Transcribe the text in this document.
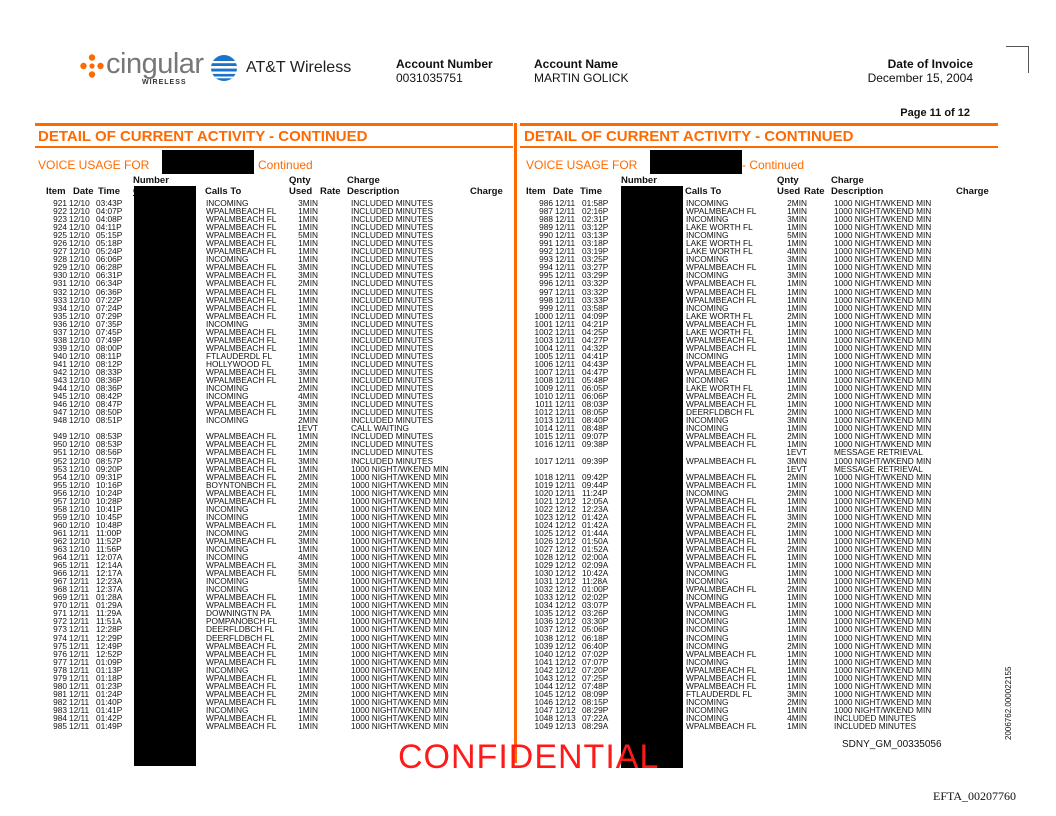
cingular
WIRELESS
AT&T Wireless	Account Number
0031035751
Account Name
MARTIN GOLICK
Date of Invoice
December 15, 2004
Page 11 of 12
DETAIL OF CURRENT ACTIVITY - CONTINUED	DETAIL OF CURRENT ACTIVITY - CONTINUED
VOICE USAGE FOR	Continued	VOICE USAGE FOR	- Continued
Number	Qnty	Charge
Item Date Time	Calls To	Used Rate Description	Charge
Number	Qnty	Charge
Item Date Time	Calls To	Used Rate Description	Charge
921 12/10 03:43P	INCOMING	3MIN	INCLUDED MINUTES
922 12/10 04:07P	WPALMBEACH FL	1MIN	INCLUDED MINUTES
923 12/10 04:08P	WPALMBEACH FL	1MIN	INCLUDED MINUTES
924 12/10 04:11P	WPALMBEACH FL	1MIN	INCLUDED MINUTES
925 12/10 05:15P	WPALMBEACH FL	5MIN	INCLUDED MINUTES
926 12/10 05:18P	WPALMBEACH FL	1MIN	INCLUDED MINUTES
927 12/10 05:24P	WPALMBEACH FL	1MIN	INCLUDED MINUTES
928 12/10 06:06P	INCOMING	1MIN	INCLUDED MINUTES
929 12/10 06:28P	WPALMBEACH FL	3MIN	INCLUDED MINUTES
930 12/10 06:31P	WPALMBEACH FL	3MIN	INCLUDED MINUTES
931 12/10 06:34P	WPALMBEACH FL	2MIN	INCLUDED MINUTES
932 12/10 06:36P	WPALMBEACH FL	1MIN	INCLUDED MINUTES
933 12/10 07:22P	WPALMBEACH FL	1MIN	INCLUDED MINUTES
934 12/10 07:24P	WPALMBEACH FL	1MIN	INCLUDED MINUTES
935 12/10 07:29P	WPALMBEACH FL	1MIN	INCLUDED MINUTES
936 12/10 07:35P	INCOMING	3MIN	INCLUDED MINUTES
937 12/10 07:45P	WPALMBEACH FL	1MIN	INCLUDED MINUTES
938 12/10 07:49P	WPALMBEACH FL	1MIN	INCLUDED MINUTES
939 12/10 08:00P	WPALMBEACH FL	1MIN	INCLUDED MINUTES
940 12/10 08:11P	FTLAUDERDL FL	1MIN	INCLUDED MINUTES
941 12/10 08:12P	HOLLYWOOD FL	1MIN	INCLUDED MINUTES
942 12/10 08:33P	WPALMBEACH FL	3MIN	INCLUDED MINUTES
943 12/10 08:36P	WPALMBEACH FL	1MIN	INCLUDED MINUTES
944 12/10 08:36P	INCOMING	2MIN	INCLUDED MINUTES
945 12/10 08:42P	INCOMING	4MIN	INCLUDED MINUTES
946 12/10 08:47P	WPALMBEACH FL	3MIN	INCLUDED MINUTES
947 12/10 08:50P	WPALMBEACH FL	1MIN	INCLUDED MINUTES
948 12/10 08:51P	INCOMING	2MIN	INCLUDED MINUTES
1EVT	CALL WAITING
949 12/10 08:53P	WPALMBEACH FL	1MIN	INCLUDED MINUTES
950 12/10 08:53P	WPALMBEACH FL	2MIN	INCLUDED MINUTES
951 12/10 08:56P	WPALMBEACH FL	1MIN	INCLUDED MINUTES
952 12/10 08:57P	WPALMBEACH FL	3MIN	INCLUDED MINUTES
953 12/10 09:20P	WPALMBEACH FL	1MIN	1000 NIGHT/WKEND MIN
954 12/10 09:31P	WPALMBEACH FL	2MIN	1000 NIGHT/WKEND MIN
955 12/10 10:16P	BOYNTONBCH FL	2MIN	1000 NIGHT/WKEND MIN
956 12/10 10:24P	WPALMBEACH FL	1MIN	1000 NIGHT/WKEND MIN
957 12/10 10:28P	WPALMBEACH FL	1MIN	1000 NIGHT/WKEND MIN
958 12/10 10:41P	INCOMING	2MIN	1000 NIGHT/WKEND MIN
959 12/10 10:45P	INCOMING	1MIN	1000 NIGHT/WKEND MIN
960 12/10 10:48P	WPALMBEACH FL	1MIN	1000 NIGHT/WKEND MIN
961 12/11 11:00P	INCOMING	2MIN	1000 NIGHT/WKEND MIN
962 12/10 11:52P	WPALMBEACH FL	3MIN	1000 NIGHT/WKEND MIN
963 12/10 11:56P	INCOMING	1MIN	1000 NIGHT/WKEND MIN
964 12/11 12:07A	INCOMING	4MIN	1000 NIGHT/WKEND MIN
965 12/11 12:14A	WPALMBEACH FL	3MIN	1000 NIGHT/WKEND MIN
966 12/11 12:17A	WPALMBEACH FL	5MIN	1000 NIGHT/WKEND MIN
967 12/11 12:23A	INCOMING	5MIN	1000 NIGHT/WKEND MIN
968 12/11 12:37A	INCOMING	1MIN	1000 NIGHT/WKEND MIN
969 12/11 01:28A	WPALMBEACH FL	1MIN	1000 NIGHT/WKEND MIN
970 12/11 01:29A	WPALMBEACH FL	1MIN	1000 NIGHT/WKEND MIN
971 12/11 11:29A	DOWNINGTN PA	1MIN	1000 NIGHT/WKEND MIN
972 12/11 11:51A	POMPANOBCH FL	3MIN	1000 NIGHT/WKEND MIN
973 12/11 12:28P	DEERFLDBCH FL	1MIN	1000 NIGHT/WKEND MIN
974 12/11 12:29P	DEERFLDBCH FL	2MIN	1000 NIGHT/WKEND MIN
975 12/11 12:49P	WPALMBEACH FL	2MIN	1000 NIGHT/WKEND MIN
976 12/11 12:52P	WPALMBEACH FL	1MIN	1000 NIGHT/WKEND MIN
977 12/11 01:09P	WPALMBEACH FL	1MIN	1000 NIGHT/WKEND MIN
978 12/11 01:13P	INCOMING	1MIN	1000 NIGHT/WKEND MIN
979 12/11 01:18P	WPALMBEACH FL	1MIN	1000 NIGHT/WKEND MIN
980 12/11 01:23P	WPALMBEACH FL	1MIN	1000 NIGHT/WKEND MIN
981 12/11 01:24P	WPALMBEACH FL	2MIN	1000 NIGHT/WKEND MIN
982 12/11 01:40P	WPALMBEACH FL	1MIN	1000 NIGHT/WKEND MIN
983 12/11 01:41P	INCOMING	1MIN	1000 NIGHT/WKEND MIN
984 12/11 01:42P	WPALMBEACH FL	1MIN	1000 NIGHT/WKEND MIN
985 12/11 01:49P	WPALMBEACH FL	1MIN	1000 NIGHT/WKEND MIN
986 12/11 01:58P	INCOMING	2MIN	1000 NIGHT/WKEND MIN
987 12/11 02:16P	WPALMBEACH FL	1MIN	1000 NIGHT/WKEND MIN
988 12/11 02:31P	INCOMING	3MIN	1000 NIGHT/WKEND MIN
989 12/11 03:12P	LAKE WORTH FL	1MIN	1000 NIGHT/WKEND MIN
990 12/11 03:13P	INCOMING	5MIN	1000 NIGHT/WKEND MIN
991 12/11 03:18P	LAKE WORTH FL	1MIN	1000 NIGHT/WKEND MIN
992 12/11 03:19P	LAKE WORTH FL	4MIN	1000 NIGHT/WKEND MIN
993 12/11 03:25P	INCOMING	3MIN	1000 NIGHT/WKEND MIN
994 12/11 03:27P	WPALMBEACH FL	1MIN	1000 NIGHT/WKEND MIN
995 12/11 03:29P	INCOMING	3MIN	1000 NIGHT/WKEND MIN
996 12/11 03:32P	WPALMBEACH FL	1MIN	1000 NIGHT/WKEND MIN
997 12/11 03:32P	WPALMBEACH FL	1MIN	1000 NIGHT/WKEND MIN
998 12/11 03:33P	WPALMBEACH FL	1MIN	1000 NIGHT/WKEND MIN
999 12/11 03:58P	INCOMING	1MIN	1000 NIGHT/WKEND MIN
1000 12/11 04:09P	LAKE WORTH FL	2MIN	1000 NIGHT/WKEND MIN
1001 12/11 04:21P	WPALMBEACH FL	1MIN	1000 NIGHT/WKEND MIN
1002 12/11 04:25P	LAKE WORTH FL	1MIN	1000 NIGHT/WKEND MIN
1003 12/11 04:27P	WPALMBEACH FL	1MIN	1000 NIGHT/WKEND MIN
1004 12/11 04:32P	WPALMBEACH FL	1MIN	1000 NIGHT/WKEND MIN
1005 12/11 04:41P	INCOMING	1MIN	1000 NIGHT/WKEND MIN
1006 12/11 04:43P	WPALMBEACH FL	1MIN	1000 NIGHT/WKEND MIN
1007 12/11 04:47P	WPALMBEACH FL	1MIN	1000 NIGHT/WKEND MIN
1008 12/11 05:48P	INCOMING	1MIN	1000 NIGHT/WKEND MIN
1009 12/11 06:05P	LAKE WORTH FL	1MIN	1000 NIGHT/WKEND MIN
1010 12/11 06:06P	WPALMBEACH FL	2MIN	1000 NIGHT/WKEND MIN
1011 12/11 08:03P	WPALMBEACH FL	1MIN	1000 NIGHT/WKEND MIN
1012 12/11 08:05P	DEERFLDBCH FL	2MIN	1000 NIGHT/WKEND MIN
1013 12/11 08:40P	INCOMING	3MIN	1000 NIGHT/WKEND MIN
1014 12/11 08:48P	INCOMING	1MIN	1000 NIGHT/WKEND MIN
1015 12/11 09:07P	WPALMBEACH FL	2MIN	1000 NIGHT/WKEND MIN
1016 12/11 09:38P	WPALMBEACH FL	1MIN	1000 NIGHT/WKEND MIN
1EVT	MESSAGE RETRIEVAL
1017 12/11 09:39P	WPALMBEACH FL	3MIN	1000 NIGHT/WKEND MIN
1EVT	MESSAGE RETRIEVAL
1018 12/11 09:42P	WPALMBEACH FL	2MIN	1000 NIGHT/WKEND MIN
1019 12/11 09:44P	WPALMBEACH FL	1MIN	1000 NIGHT/WKEND MIN
1020 12/11 11:24P	INCOMING	2MIN	1000 NIGHT/WKEND MIN
1021 12/12 12:05A	WPALMBEACH FL	1MIN	1000 NIGHT/WKEND MIN
1022 12/12 12:23A	WPALMBEACH FL	1MIN	1000 NIGHT/WKEND MIN
1023 12/12 01:42A	WPALMBEACH FL	3MIN	1000 NIGHT/WKEND MIN
1024 12/12 01:42A	WPALMBEACH FL	2MIN	1000 NIGHT/WKEND MIN
1025 12/12 01:44A	WPALMBEACH FL	1MIN	1000 NIGHT/WKEND MIN
1026 12/12 01:50A	WPALMBEACH FL	1MIN	1000 NIGHT/WKEND MIN
1027 12/12 01:52A	WPALMBEACH FL	2MIN	1000 NIGHT/WKEND MIN
1028 12/12 02:00A	WPALMBEACH FL	1MIN	1000 NIGHT/WKEND MIN
1029 12/12 02:09A	WPALMBEACH FL	1MIN	1000 NIGHT/WKEND MIN
1030 12/12 10:42A	INCOMING	1MIN	1000 NIGHT/WKEND MIN
1031 12/12 11:28A	INCOMING	1MIN	1000 NIGHT/WKEND MIN
1032 12/12 01:00P	WPALMBEACH FL	2MIN	1000 NIGHT/WKEND MIN
1033 12/12 02:02P	INCOMING	1MIN	1000 NIGHT/WKEND MIN
1034 12/12 03:07P	WPALMBEACH FL	1MIN	1000 NIGHT/WKEND MIN
1035 12/12 03:26P	INCOMING	1MIN	1000 NIGHT/WKEND MIN
1036 12/12 03:30P	INCOMING	1MIN	1000 NIGHT/WKEND MIN
1037 12/12 05:06P	INCOMING	1MIN	1000 NIGHT/WKEND MIN
1038 12/12 06:18P	INCOMING	1MIN	1000 NIGHT/WKEND MIN
1039 12/12 06:40P	INCOMING	2MIN	1000 NIGHT/WKEND MIN
1040 12/12 07:02P	WPALMBEACH FL	1MIN	1000 NIGHT/WKEND MIN
1041 12/12 07:07P	INCOMING	1MIN	1000 NIGHT/WKEND MIN
1042 12/12 07:20P	WPALMBEACH FL	1MIN	1000 NIGHT/WKEND MIN
1043 12/12 07:25P	WPALMBEACH FL	1MIN	1000 NIGHT/WKEND MIN
1044 12/12 07:48P	WPALMBEACH FL	1MIN	1000 NIGHT/WKEND MIN
1045 12/12 08:09P	FTLAUDERDL FL	3MIN	1000 NIGHT/WKEND MIN
1046 12/12 08:15P	INCOMING	2MIN	1000 NIGHT/WKEND MIN
1047 12/12 08:29P	INCOMING	1MIN	1000 NIGHT/WKEND MIN
1048 12/13 07:22A	INCOMING	4MIN	INCLUDED MINUTES
1049 12/13 08:29A	WPALMBEACH FL	1MIN	INCLUDED MINUTES
CONFIDENTIAL	SDNY_GM_00335056
EFTA_00207760
2006762.000022155
